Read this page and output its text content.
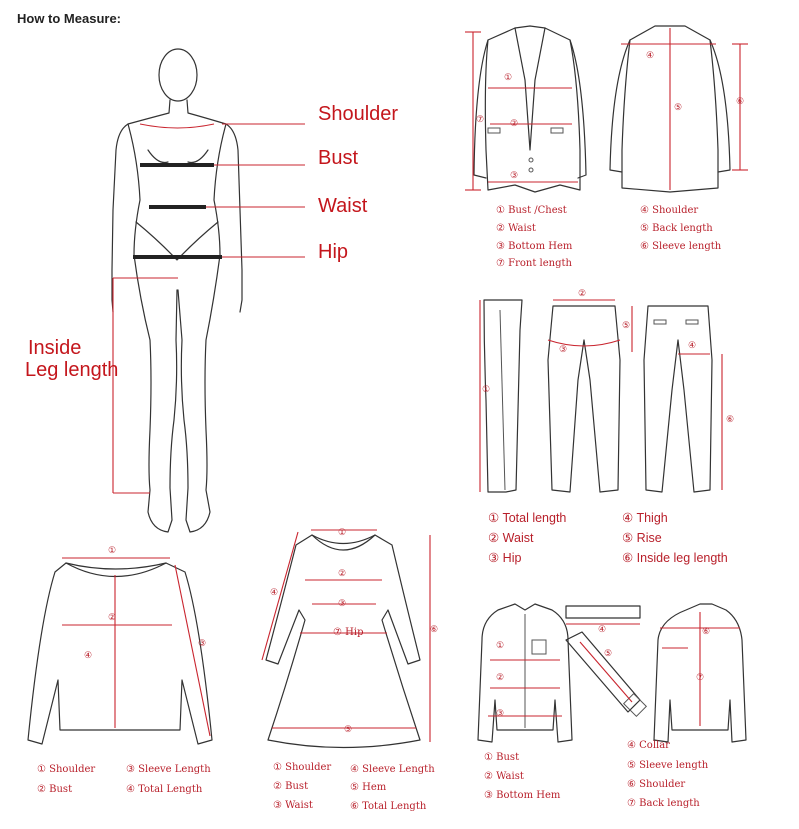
How to Measure:
①
②
③
⑦
④
⑤
⑥
①
②
③
⑤
④
⑥
①
②
④
③
①
②
③
④
⑤
⑥
①
②
③
④
⑤
⑥
⑦
Shoulder
Bust
Waist
Hip
Inside
Leg length
① Bust /Chest
② Waist
③ Bottom Hem
⑦ Front length
④ Shoulder
⑤ Back length
⑥ Sleeve length
① Total length
② Waist
③ Hip
④ Thigh
⑤ Rise
⑥ Inside leg length
① Shoulder
② Bust
③ Sleeve Length
④ Total Length
⑦ Hip
① Shoulder
② Bust
③ Waist
④ Sleeve Length
⑤ Hem
⑥ Total Length
① Bust
② Waist
③ Bottom Hem
④ Collar
⑤ Sleeve length
⑥ Shoulder
⑦ Back length
